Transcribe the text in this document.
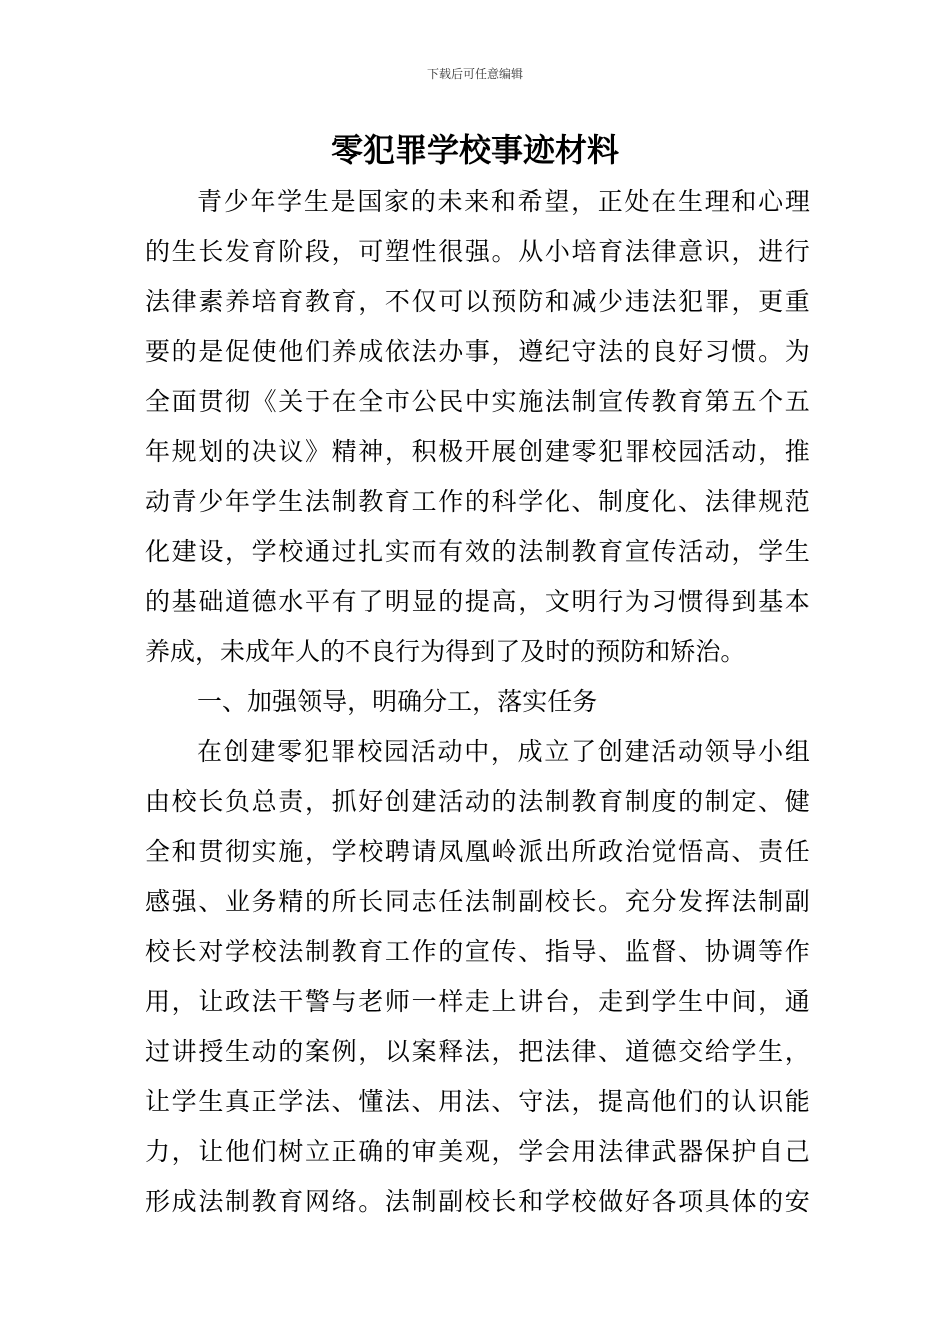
下载后可任意编辑
零犯罪学校事迹材料
青 少 年 学 生 是 国 家 的 未 来 和 希 望 ， 正 处 在 生 理 和 心 理
的 生 长 发 育 阶 段 ， 可 塑 性 很 强 。 从 小 培 育 法 律 意 识 ， 进 行
法 律 素 养 培 育 教 育 ， 不 仅 可 以 预 防 和 减 少 违 法 犯 罪 ， 更 重
要 的 是 促 使 他 们 养 成 依 法 办 事 ， 遵 纪 守 法 的 良 好 习 惯 。 为
全 面 贯 彻 《 关 于 在 全 市 公 民 中 实 施 法 制 宣 传 教 育 第 五 个 五
年 规 划 的 决 议 》 精 神 ， 积 极 开 展 创 建 零 犯 罪 校 园 活 动 ， 推
动 青 少 年 学 生 法 制 教 育 工 作 的 科 学 化 、 制 度 化 、 法 律 规 范
化 建 设 ， 学 校 通 过 扎 实 而 有 效 的 法 制 教 育 宣 传 活 动 ， 学 生
的 基 础 道 德 水 平 有 了 明 显 的 提 高 ， 文 明 行 为 习 惯 得 到 基 本
养 成 ， 未 成 年 人 的 不 良 行 为 得 到 了 及 时 的 预 防 和 矫 治 。
一 、 加 强 领 导 ， 明 确 分 工 ， 落 实 任 务
在 创 建 零 犯 罪 校 园 活 动 中 ， 成 立 了 创 建 活 动 领 导 小 组
由 校 长 负 总 责 ， 抓 好 创 建 活 动 的 法 制 教 育 制 度 的 制 定 、 健
全 和 贯 彻 实 施 ， 学 校 聘 请 凤 凰 岭 派 出 所 政 治 觉 悟 高 、 责 任
感 强 、 业 务 精 的 所 长 同 志 任 法 制 副 校 长 。 充 分 发 挥 法 制 副
校 长 对 学 校 法 制 教 育 工 作 的 宣 传 、 指 导 、 监 督 、 协 调 等 作
用 ， 让 政 法 干 警 与 老 师 一 样 走 上 讲 台 ， 走 到 学 生 中 间 ， 通
过 讲 授 生 动 的 案 例 ， 以 案 释 法 ， 把 法 律 、 道 德 交 给 学 生 ，
让 学 生 真 正 学 法 、 懂 法 、 用 法 、 守 法 ， 提 高 他 们 的 认 识 能
力 ， 让 他 们 树 立 正 确 的 审 美 观 ， 学 会 用 法 律 武 器 保 护 自 己
形 成 法 制 教 育 网 络 。 法 制 副 校 长 和 学 校 做 好 各 项 具 体 的 安
